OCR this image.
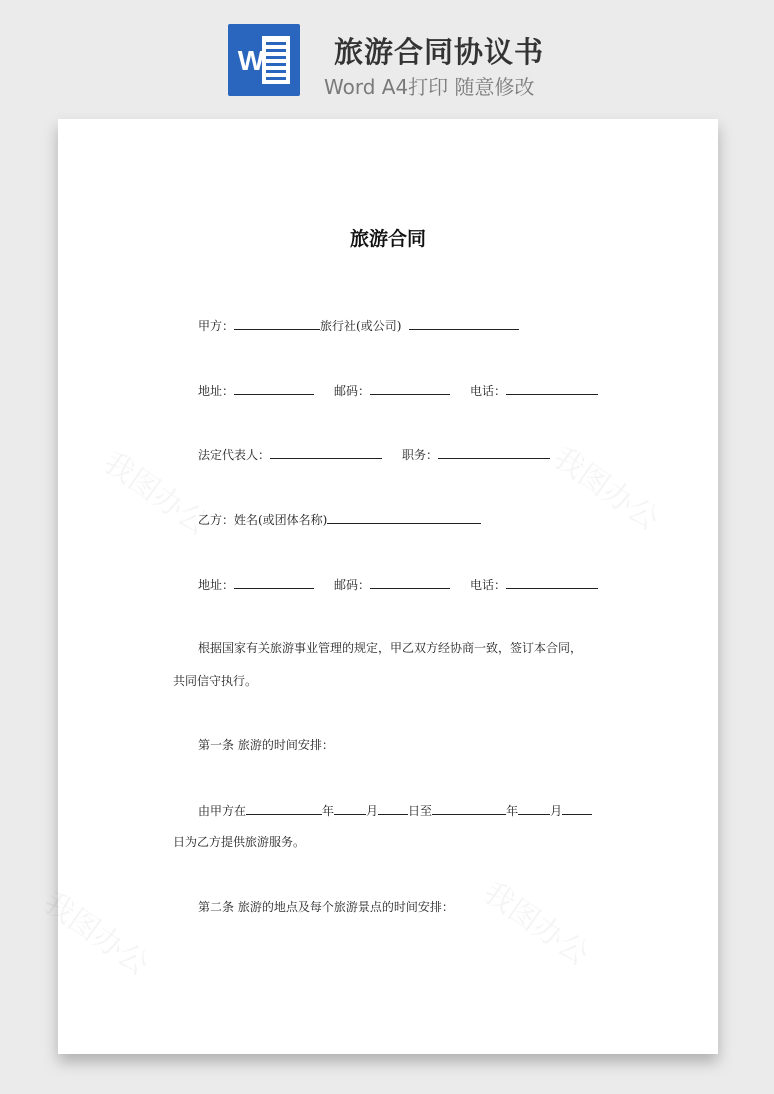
W 旅游合同协议书
Word A4打印 随意修改
旅游合同
甲方：	旅行社(或公司)
地址：	邮码：	电话：
法定代表人：	职务：
乙方：姓名(或团体名称)
地址：	邮码：	电话：
根据国家有关旅游事业管理的规定，甲乙双方经协商一致，签订本合同，
共同信守执行。
第一条 旅游的时间安排：
由甲方在	年	月	日至	年	月
日为乙方提供旅游服务。
第二条 旅游的地点及每个旅游景点的时间安排：
